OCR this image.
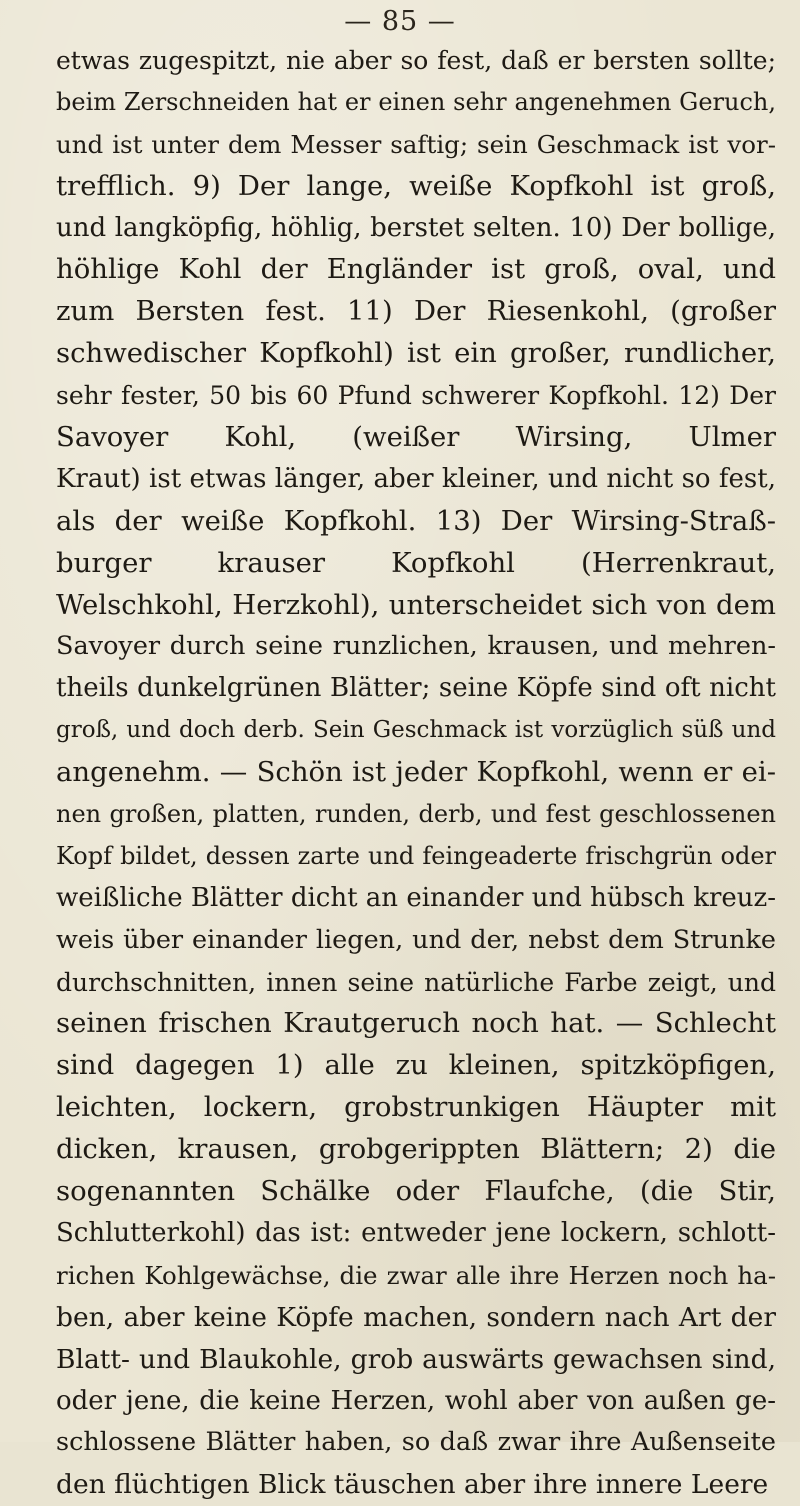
— 85 —
etwas zugespitzt, nie aber so fest, daß er bersten sollte;
beim Zerschneiden hat er einen sehr angenehmen Geruch,
und ist unter dem Messer saftig; sein Geschmack ist vor-
trefflich. 9) Der lange, weiße Kopfkohl ist groß,
und langköpfig, höhlig, berstet selten. 10) Der bollige,
höhlige Kohl der Engländer ist groß, oval, und
zum Bersten fest. 11) Der Riesenkohl, (großer
schwedischer Kopfkohl) ist ein großer, rundlicher,
sehr fester, 50 bis 60 Pfund schwerer Kopfkohl. 12) Der
Savoyer Kohl, (weißer Wirsing, Ulmer
Kraut) ist etwas länger, aber kleiner, und nicht so fest,
als der weiße Kopfkohl. 13) Der Wirsing-Straß-
burger krauser Kopfkohl (Herrenkraut,
Welschkohl, Herzkohl), unterscheidet sich von dem
Savoyer durch seine runzlichen, krausen, und mehren-
theils dunkelgrünen Blätter; seine Köpfe sind oft nicht
groß, und doch derb. Sein Geschmack ist vorzüglich süß und
angenehm. — Schön ist jeder Kopfkohl, wenn er ei-
nen großen, platten, runden, derb, und fest geschlossenen
Kopf bildet, dessen zarte und feingeaderte frischgrün oder
weißliche Blätter dicht an einander und hübsch kreuz-
weis über einander liegen, und der, nebst dem Strunke
durchschnitten, innen seine natürliche Farbe zeigt, und
seinen frischen Krautgeruch noch hat. — Schlecht
sind dagegen 1) alle zu kleinen, spitzköpfigen,
leichten, lockern, grobstrunkigen Häupter mit
dicken, krausen, grobgerippten Blättern; 2) die
sogenannten Schälke oder Flaufche, (die Stir,
Schlutterkohl) das ist: entweder jene lockern, schlott-
richen Kohlgewächse, die zwar alle ihre Herzen noch ha-
ben, aber keine Köpfe machen, sondern nach Art der
Blatt- und Blaukohle, grob auswärts gewachsen sind,
oder jene, die keine Herzen, wohl aber von außen ge-
schlossene Blätter haben, so daß zwar ihre Außenseite
den flüchtigen Blick täuschen aber ihre innere Leere
